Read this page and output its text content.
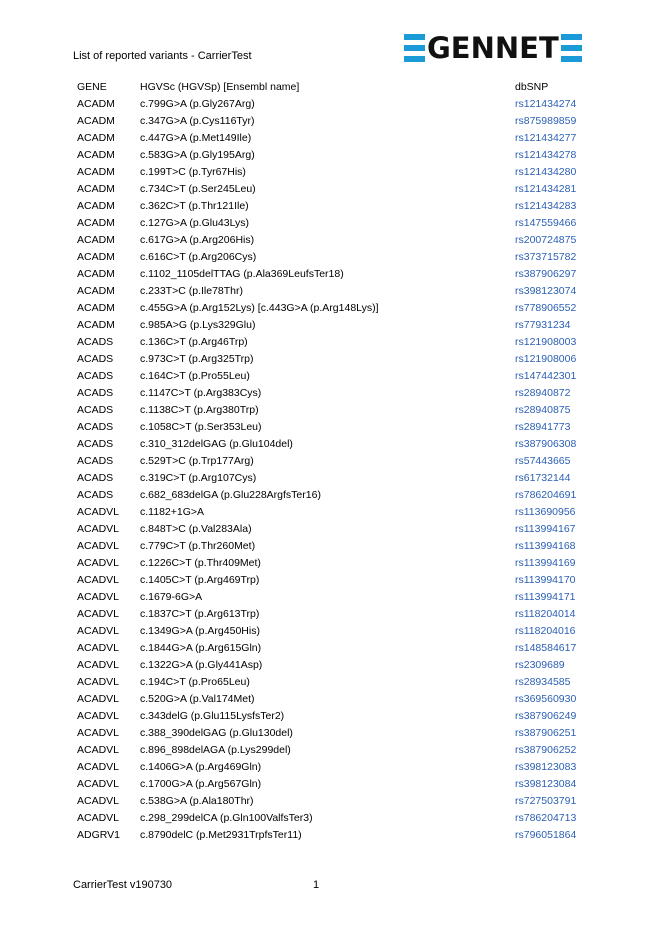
List of reported variants - CarrierTest	GENNET
GENE	HGVSc (HGVSp) [Ensembl name]	dbSNP
ACADM c.799G>A (p.Gly267Arg)	rs121434274
ACADM c.347G>A (p.Cys116Tyr)	rs875989859
ACADM c.447G>A (p.Met149Ile)	rs121434277
ACADM c.583G>A (p.Gly195Arg)	rs121434278
ACADM c.199T>C (p.Tyr67His)	rs121434280
ACADM c.734C>T (p.Ser245Leu)	rs121434281
ACADM c.362C>T (p.Thr121Ile)	rs121434283
ACADM c.127G>A (p.Glu43Lys)	rs147559466
ACADM c.617G>A (p.Arg206His)	rs200724875
ACADM c.616C>T (p.Arg206Cys)	rs373715782
ACADM c.1102_1105delTTAG (p.Ala369LeufsTer18)	rs387906297
ACADM c.233T>C (p.Ile78Thr)	rs398123074
ACADM c.455G>A (p.Arg152Lys) [c.443G>A (p.Arg148Lys)]	rs778906552
ACADM c.985A>G (p.Lys329Glu)	rs77931234
ACADS	c.136C>T (p.Arg46Trp)	rs121908003
ACADS	c.973C>T (p.Arg325Trp)	rs121908006
ACADS	c.164C>T (p.Pro55Leu)	rs147442301
ACADS	c.1147C>T (p.Arg383Cys)	rs28940872
ACADS	c.1138C>T (p.Arg380Trp)	rs28940875
ACADS	c.1058C>T (p.Ser353Leu)	rs28941773
ACADS	c.310_312delGAG (p.Glu104del)	rs387906308
ACADS	c.529T>C (p.Trp177Arg)	rs57443665
ACADS	c.319C>T (p.Arg107Cys)	rs61732144
ACADS	c.682_683delGA (p.Glu228ArgfsTer16)	rs786204691
ACADVL c.1182+1G>A	rs113690956
ACADVL c.848T>C (p.Val283Ala)	rs113994167
ACADVL c.779C>T (p.Thr260Met)	rs113994168
ACADVL c.1226C>T (p.Thr409Met)	rs113994169
ACADVL c.1405C>T (p.Arg469Trp)	rs113994170
ACADVL c.1679-6G>A	rs113994171
ACADVL c.1837C>T (p.Arg613Trp)	rs118204014
ACADVL c.1349G>A (p.Arg450His)	rs118204016
ACADVL c.1844G>A (p.Arg615Gln)	rs148584617
ACADVL c.1322G>A (p.Gly441Asp)	rs2309689
ACADVL c.194C>T (p.Pro65Leu)	rs28934585
ACADVL c.520G>A (p.Val174Met)	rs369560930
ACADVL c.343delG (p.Glu115LysfsTer2)	rs387906249
ACADVL c.388_390delGAG (p.Glu130del)	rs387906251
ACADVL c.896_898delAGA (p.Lys299del)	rs387906252
ACADVL c.1406G>A (p.Arg469Gln)	rs398123083
ACADVL c.1700G>A (p.Arg567Gln)	rs398123084
ACADVL c.538G>A (p.Ala180Thr)	rs727503791
ACADVL c.298_299delCA (p.Gln100ValfsTer3)	rs786204713
ADGRV1 c.8790delC (p.Met2931TrpfsTer11)	rs796051864
CarrierTest v190730	1
